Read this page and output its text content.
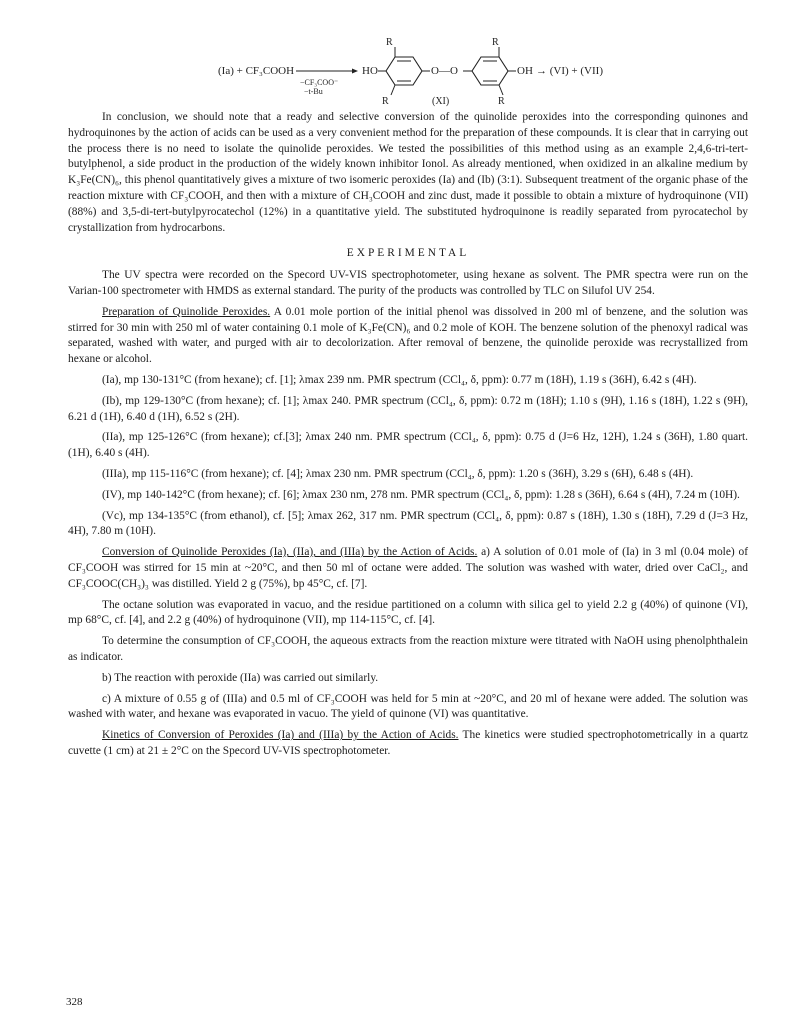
(Ia) + CF₃COOH
−CF₃COO⁻
−t-Bu
HO
R
R
O—O
R
R
OH → (VI) + (VII)
(XI)

In conclusion, we should note that a ready and selective conversion of the quinolide peroxides into the corresponding quinones and hydroquinones by the action of acids can be used as a very convenient method for the preparation of these compounds. It is clear that in carrying out the process there is no need to isolate the quinolide peroxides. We tested the possibilities of this method using as an example 2,4,6-tri-tert-butylphenol, a side product in the production of the widely known inhibitor Ionol. As already mentioned, when oxidized in an alkaline medium by K₃Fe(CN)₆, this phenol quantitatively gives a mixture of two isomeric peroxides (Ia) and (Ib) (3:1). Subsequent treatment of the organic phase of the reaction mixture with CF₃COOH, and then with a mixture of CH₃COOH and zinc dust, made it possible to obtain a mixture of hydroquinone (VII) (88%) and 3,5-di-tert-butylpyrocatechol (12%) in a quantitative yield. The substituted hydroquinone is readily separated from pyrocatechol by crystallization from hydrocarbons.

EXPERIMENTAL

The UV spectra were recorded on the Specord UV-VIS spectrophotometer, using hexane as solvent. The PMR spectra were run on the Varian-100 spectrometer with HMDS as external standard. The purity of the products was controlled by TLC on Silufol UV 254.

Preparation of Quinolide Peroxides. A 0.01 mole portion of the initial phenol was dissolved in 200 ml of benzene, and the solution was stirred for 30 min with 250 ml of water containing 0.1 mole of K₃Fe(CN)₆ and 0.2 mole of KOH. The benzene solution of the phenoxyl radical was separated, washed with water, and purged with air to decolorization. After removal of benzene, the quinolide peroxide was recrystallized from hexane or alcohol.

(Ia), mp 130-131°C (from hexane); cf. [1]; λmax 239 nm. PMR spectrum (CCl₄, δ, ppm): 0.77 m (18H), 1.19 s (36H), 6.42 s (4H).

(Ib), mp 129-130°C (from hexane); cf. [1]; λmax 240. PMR spectrum (CCl₄, δ, ppm): 0.72 m (18H); 1.10 s (9H), 1.16 s (18H), 1.22 s (9H), 6.21 d (1H), 6.40 d (1H), 6.52 s (2H).

(IIa), mp 125-126°C (from hexane); cf.[3]; λmax 240 nm. PMR spectrum (CCl₄, δ, ppm): 0.75 d (J=6 Hz, 12H), 1.24 s (36H), 1.80 quart. (1H), 6.40 s (4H).

(IIIa), mp 115-116°C (from hexane); cf. [4]; λmax 230 nm. PMR spectrum (CCl₄, δ, ppm): 1.20 s (36H), 3.29 s (6H), 6.48 s (4H).

(IV), mp 140-142°C (from hexane); cf. [6]; λmax 230 nm, 278 nm. PMR spectrum (CCl₄, δ, ppm): 1.28 s (36H), 6.64 s (4H), 7.24 m (10H).

(Vc), mp 134-135°C (from ethanol), cf. [5]; λmax 262, 317 nm. PMR spectrum (CCl₄, δ, ppm): 0.87 s (18H), 1.30 s (18H), 7.29 d (J=3 Hz, 4H), 7.80 m (10H).

Conversion of Quinolide Peroxides (Ia), (IIa), and (IIIa) by the Action of Acids. a) A solution of 0.01 mole of (Ia) in 3 ml (0.04 mole) of CF₃COOH was stirred for 15 min at ~20°C, and then 50 ml of octane were added. The solution was washed with water, dried over CaCl₂, and CF₃COOC(CH₃)₃ was distilled. Yield 2 g (75%), bp 45°C, cf. [7].

The octane solution was evaporated in vacuo, and the residue partitioned on a column with silica gel to yield 2.2 g (40%) of quinone (VI), mp 68°C, cf. [4], and 2.2 g (40%) of hydroquinone (VII), mp 114-115°C, cf. [4].

To determine the consumption of CF₃COOH, the aqueous extracts from the reaction mixture were titrated with NaOH using phenolphthalein as indicator.

b) The reaction with peroxide (IIa) was carried out similarly.

c) A mixture of 0.55 g of (IIIa) and 0.5 ml of CF₃COOH was held for 5 min at ~20°C, and 20 ml of hexane were added. The solution was washed with water, and hexane was evaporated in vacuo. The yield of quinone (VI) was quantitative.

Kinetics of Conversion of Peroxides (Ia) and (IIIa) by the Action of Acids. The kinetics were studied spectrophotometrically in a quartz cuvette (1 cm) at 21 ± 2°C on the Specord UV-VIS spectrophotometer.

328
